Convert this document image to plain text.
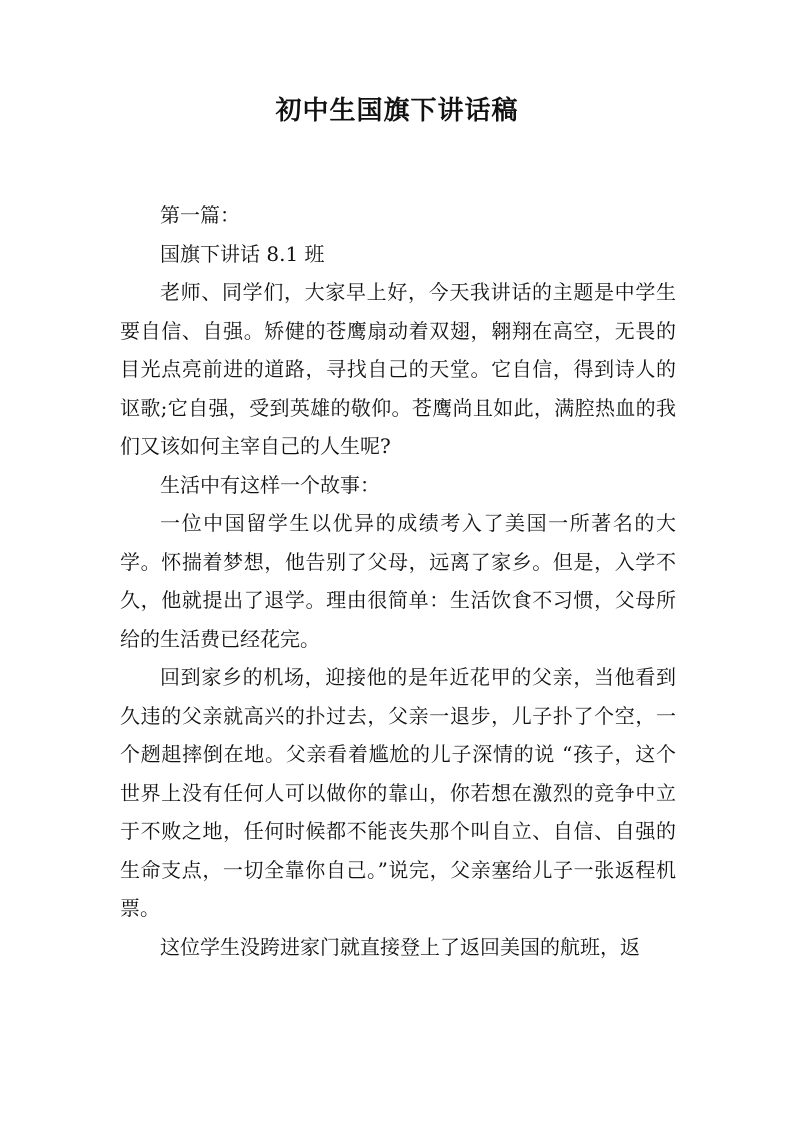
初中生国旗下讲话稿

第一篇：

国旗下讲话 8.1 班

老师、同学们，大家早上好，今天我讲话的主题是中学生要自信、自强。矫健的苍鹰扇动着双翅，翱翔在高空，无畏的目光点亮前进的道路，寻找自己的天堂。它自信，得到诗人的讴歌;它自强，受到英雄的敬仰。苍鹰尚且如此，满腔热血的我们又该如何主宰自己的人生呢?

生活中有这样一个故事：

一位中国留学生以优异的成绩考入了美国一所著名的大学。怀揣着梦想，他告别了父母，远离了家乡。但是，入学不久，他就提出了退学。理由很简单：生活饮食不习惯，父母所给的生活费已经花完。

回到家乡的机场，迎接他的是年近花甲的父亲，当他看到久违的父亲就高兴的扑过去，父亲一退步，儿子扑了个空，一个趔趄摔倒在地。父亲看着尴尬的儿子深情的说 “孩子，这个世界上没有任何人可以做你的靠山，你若想在激烈的竞争中立于不败之地，任何时候都不能丧失那个叫自立、自信、自强的生命支点，一切全靠你自己。”说完，父亲塞给儿子一张返程机票。

这位学生没跨进家门就直接登上了返回美国的航班，返
